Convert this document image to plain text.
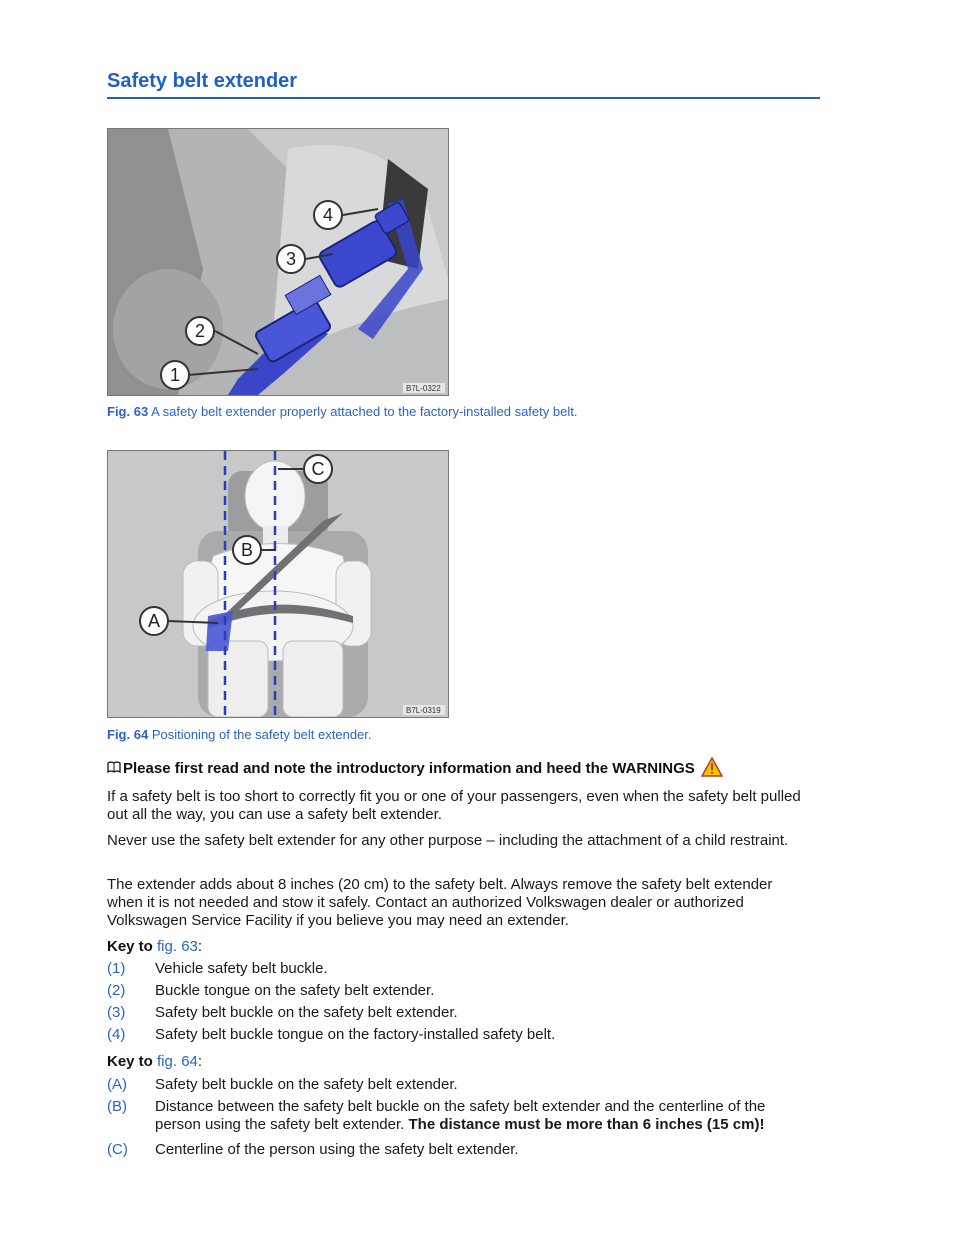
Safety belt extender
1
2
3
4
B7L-0322
Fig. 63 A safety belt extender properly attached to the factory-installed safety belt.
A
B
C
B7L-0319
Fig. 64 Positioning of the safety belt extender.
Please first read and note the introductory information and heed the WARNINGS
If a safety belt is too short to correctly fit you or one of your passengers, even when the safety belt pulled out all the way, you can use a safety belt extender.
Never use the safety belt extender for any other purpose – including the attachment of a child restraint.
The extender adds about 8 inches (20 cm) to the safety belt. Always remove the safety belt extender when it is not needed and stow it safely. Contact an authorized Volkswagen dealer or authorized Volkswagen Service Facility if you believe you may need an extender.
Key to fig. 63:
(1) Vehicle safety belt buckle.
(2) Buckle tongue on the safety belt extender.
(3) Safety belt buckle on the safety belt extender.
(4) Safety belt buckle tongue on the factory-installed safety belt.
Key to fig. 64:
(A) Safety belt buckle on the safety belt extender.
(B) Distance between the safety belt buckle on the safety belt extender and the centerline of the person using the safety belt extender. The distance must be more than 6 inches (15 cm)!
(C) Centerline of the person using the safety belt extender.
